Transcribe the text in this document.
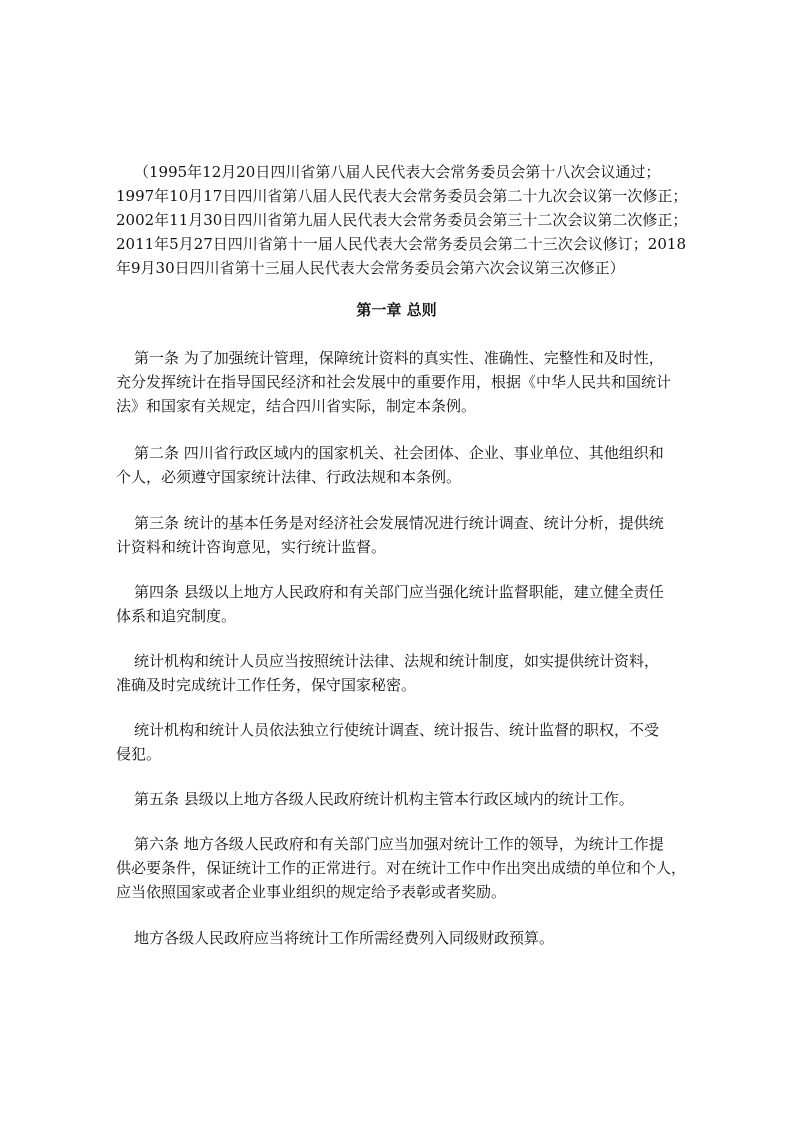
（1995年12月20日四川省第八届人民代表大会常务委员会第十八次会议通过；
1997年10月17日四川省第八届人民代表大会常务委员会第二十九次会议第一次修正；
2002年11月30日四川省第九届人民代表大会常务委员会第三十二次会议第二次修正；
2011年5月27日四川省第十一届人民代表大会常务委员会第二十三次会议修订；2018
年9月30日四川省第十三届人民代表大会常务委员会第六次会议第三次修正）
第一章 总则
第一条 为了加强统计管理，保障统计资料的真实性、准确性、完整性和及时性，
充分发挥统计在指导国民经济和社会发展中的重要作用，根据《中华人民共和国统计
法》和国家有关规定，结合四川省实际，制定本条例。
第二条 四川省行政区域内的国家机关、社会团体、企业、事业单位、其他组织和
个人，必须遵守国家统计法律、行政法规和本条例。
第三条 统计的基本任务是对经济社会发展情况进行统计调查、统计分析，提供统
计资料和统计咨询意见，实行统计监督。
第四条 县级以上地方人民政府和有关部门应当强化统计监督职能，建立健全责任
体系和追究制度。
统计机构和统计人员应当按照统计法律、法规和统计制度，如实提供统计资料，
准确及时完成统计工作任务，保守国家秘密。
统计机构和统计人员依法独立行使统计调查、统计报告、统计监督的职权，不受
侵犯。
第五条 县级以上地方各级人民政府统计机构主管本行政区域内的统计工作。
第六条 地方各级人民政府和有关部门应当加强对统计工作的领导，为统计工作提
供必要条件，保证统计工作的正常进行。对在统计工作中作出突出成绩的单位和个人，
应当依照国家或者企业事业组织的规定给予表彰或者奖励。
地方各级人民政府应当将统计工作所需经费列入同级财政预算。
